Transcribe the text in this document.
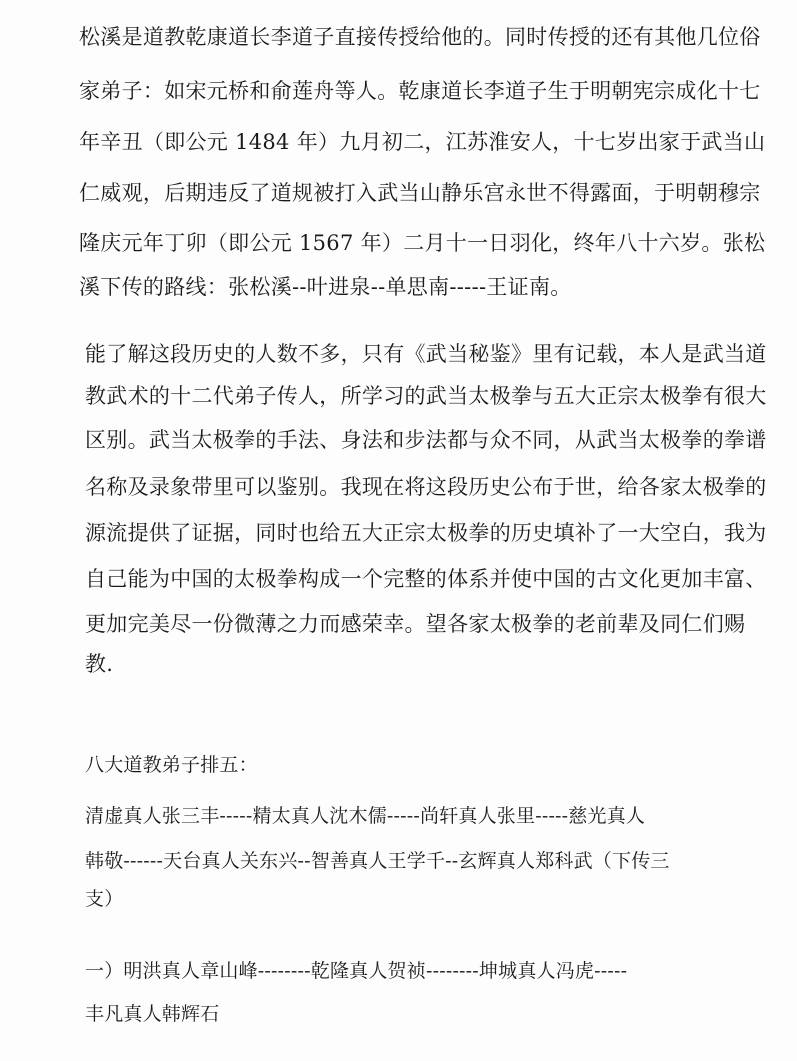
松溪是道教乾康道长李道子直接传授给他的。同时传授的还有其他几位俗
家弟子：如宋元桥和俞莲舟等人。乾康道长李道子生于明朝宪宗成化十七
年辛丑（即公元 1484 年）九月初二，江苏淮安人，十七岁出家于武当山
仁威观，后期违反了道规被打入武当山静乐宫永世不得露面，于明朝穆宗
隆庆元年丁卯（即公元 1567 年）二月十一日羽化，终年八十六岁。张松
溪下传的路线：张松溪--叶进泉--单思南-----王证南。
能了解这段历史的人数不多，只有《武当秘鉴》里有记载，本人是武当道
教武术的十二代弟子传人，所学习的武当太极拳与五大正宗太极拳有很大
区别。武当太极拳的手法、身法和步法都与众不同，从武当太极拳的拳谱
名称及录象带里可以鉴别。我现在将这段历史公布于世，给各家太极拳的
源流提供了证据，同时也给五大正宗太极拳的历史填补了一大空白，我为
自己能为中国的太极拳构成一个完整的体系并使中国的古文化更加丰富、
更加完美尽一份微薄之力而感荣幸。望各家太极拳的老前辈及同仁们赐
教.
八大道教弟子排五：
清虚真人张三丰-----精太真人沈木儒-----尚轩真人张里-----慈光真人
韩敬------天台真人关东兴--智善真人王学千--玄辉真人郑科武（下传三
支）
一）明洪真人章山峰--------乾隆真人贺祯--------坤城真人冯虎-----
丰凡真人韩辉石
